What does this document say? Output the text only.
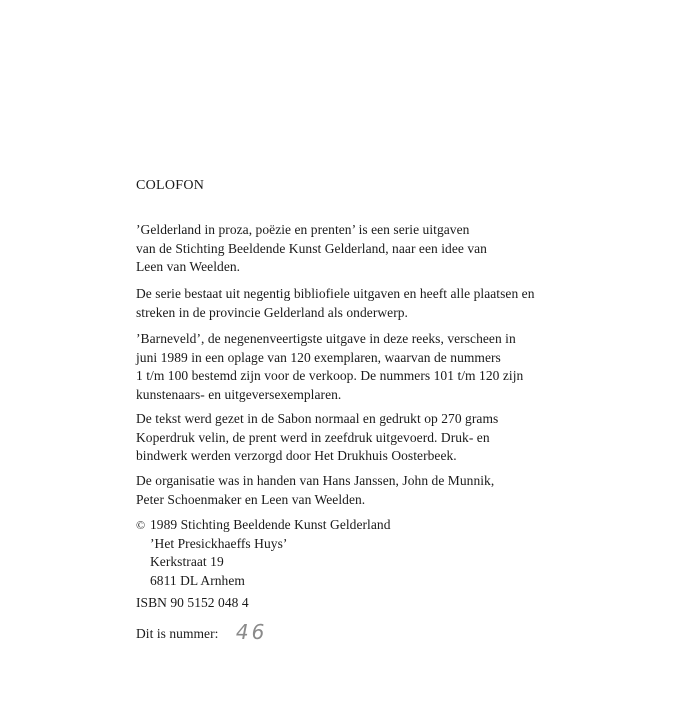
COLOFON
’Gelderland in proza, poëzie en prenten’ is een serie uitgaven
van de Stichting Beeldende Kunst Gelderland, naar een idee van
Leen van Weelden.
De serie bestaat uit negentig bibliofiele uitgaven en heeft alle plaatsen en
streken in de provincie Gelderland als onderwerp.
’Barneveld’, de negenenveertigste uitgave in deze reeks, verscheen in
juni 1989 in een oplage van 120 exemplaren, waarvan de nummers
1 t/m 100 bestemd zijn voor de verkoop. De nummers 101 t/m 120 zijn
kunstenaars- en uitgeversexemplaren.
De tekst werd gezet in de Sabon normaal en gedrukt op 270 grams
Koperdruk velin, de prent werd in zeefdruk uitgevoerd. Druk- en
bindwerk werden verzorgd door Het Drukhuis Oosterbeek.
De organisatie was in handen van Hans Janssen, John de Munnik,
Peter Schoenmaker en Leen van Weelden.
© 1989 Stichting Beeldende Kunst Gelderland
’Het Presickhaeffs Huys’
Kerkstraat 19
6811 DL Arnhem
ISBN 90 5152 048 4
Dit is nummer: 46
